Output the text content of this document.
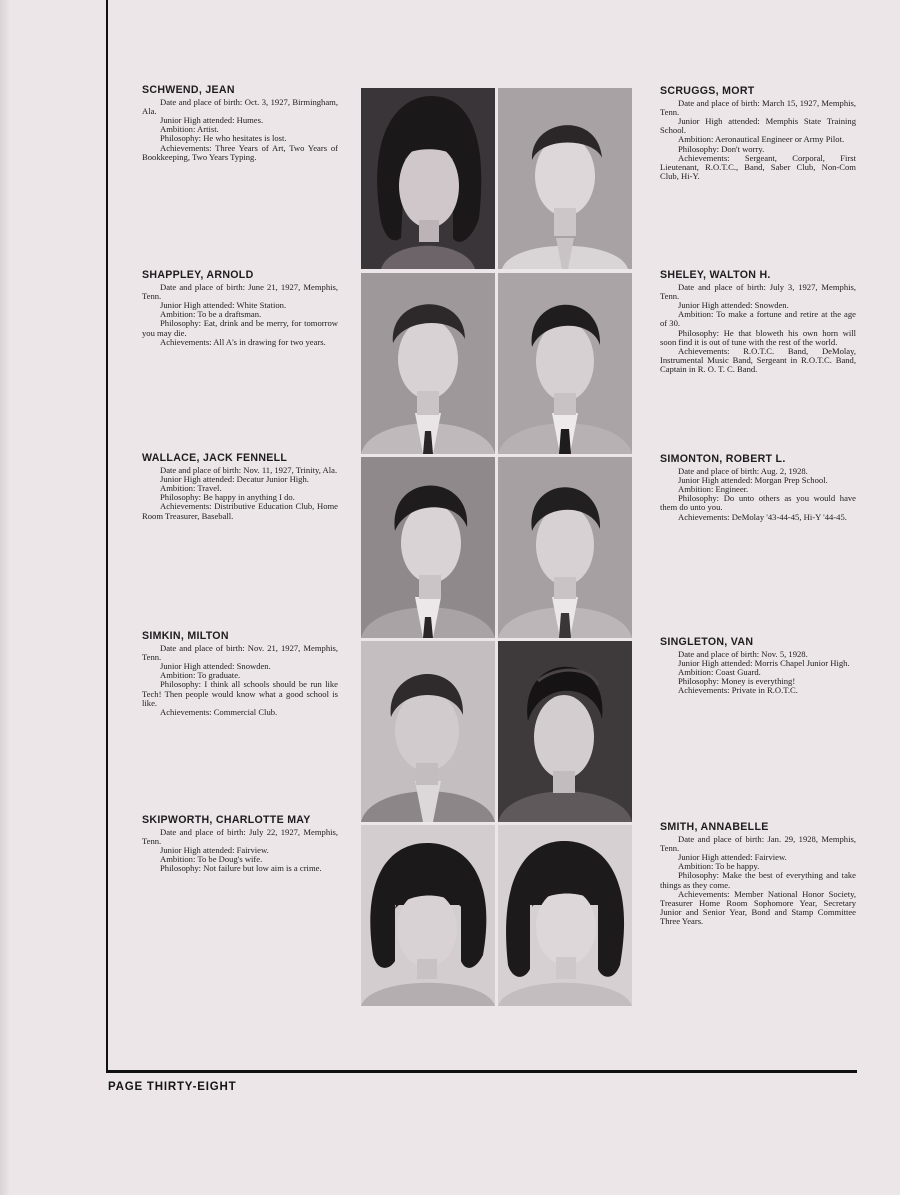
PAGE THIRTY-EIGHT
SCHWEND, JEAN

Date and place of birth: Oct. 3, 1927, Birmingham, Ala.

Junior High attended: Humes.

Ambition: Artist.

Philosophy: He who hesitates is lost.

Achievements: Three Years of Art, Two Years of Bookkeeping, Two Years Typing.

SCRUGGS, MORT

Date and place of birth: March 15, 1927, Memphis, Tenn.

Junior High attended: Memphis State Training School.

Ambition: Aeronautical Engineer or Army Pilot.

Philosophy: Don't worry.

Achievements: Sergeant, Corporal, First Lieutenant, R.O.T.C., Band, Saber Club, Non-Com Club, Hi-Y.

SHAPPLEY, ARNOLD

Date and place of birth: June 21, 1927, Memphis, Tenn.

Junior High attended: White Station.

Ambition: To be a draftsman.

Philosophy: Eat, drink and be merry, for tomorrow you may die.

Achievements: All A's in drawing for two years.

SHELEY, WALTON H.

Date and place of birth: July 3, 1927, Memphis, Tenn.

Junior High attended: Snowden.

Ambition: To make a fortune and retire at the age of 30.

Philosophy: He that bloweth his own horn will soon find it is out of tune with the rest of the world.

Achievements: R.O.T.C. Band, DeMolay, Instrumental Music Band, Sergeant in R.O.T.C. Band, Captain in R. O. T. C. Band.

WALLACE, JACK FENNELL

Date and place of birth: Nov. 11, 1927, Trinity, Ala.

Junior High attended: Decatur Junior High.

Ambition: Travel.

Philosophy: Be happy in anything I do.

Achievements: Distributive Education Club, Home Room Treasurer, Baseball.

SIMONTON, ROBERT L.

Date and place of birth: Aug. 2, 1928.

Junior High attended: Morgan Prep School.

Ambition: Engineer.

Philosophy: Do unto others as you would have them do unto you.

Achievements: DeMolay '43-44-45, Hi-Y '44-45.

SIMKIN, MILTON

Date and place of birth: Nov. 21, 1927, Memphis, Tenn.

Junior High attended: Snowden.

Ambition: To graduate.

Philosophy: I think all schools should be run like Tech! Then people would know what a good school is like.

Achievements: Commercial Club.

SINGLETON, VAN

Date and place of birth: Nov. 5, 1928.

Junior High attended: Morris Chapel Junior High.

Ambition: Coast Guard.

Philosophy: Money is everything!

Achievements: Private in R.O.T.C.

SKIPWORTH, CHARLOTTE MAY

Date and place of birth: July 22, 1927, Memphis, Tenn.

Junior High attended: Fairview.

Ambition: To be Doug's wife.

Philosophy: Not failure but low aim is a crime.

SMITH, ANNABELLE

Date and place of birth: Jan. 29, 1928, Memphis, Tenn.

Junior High attended: Fairview.

Ambition: To be happy.

Philosophy: Make the best of everything and take things as they come.

Achievements: Member National Honor Society, Treasurer Home Room Sophomore Year, Secretary Junior and Senior Year, Bond and Stamp Committee Three Years.
